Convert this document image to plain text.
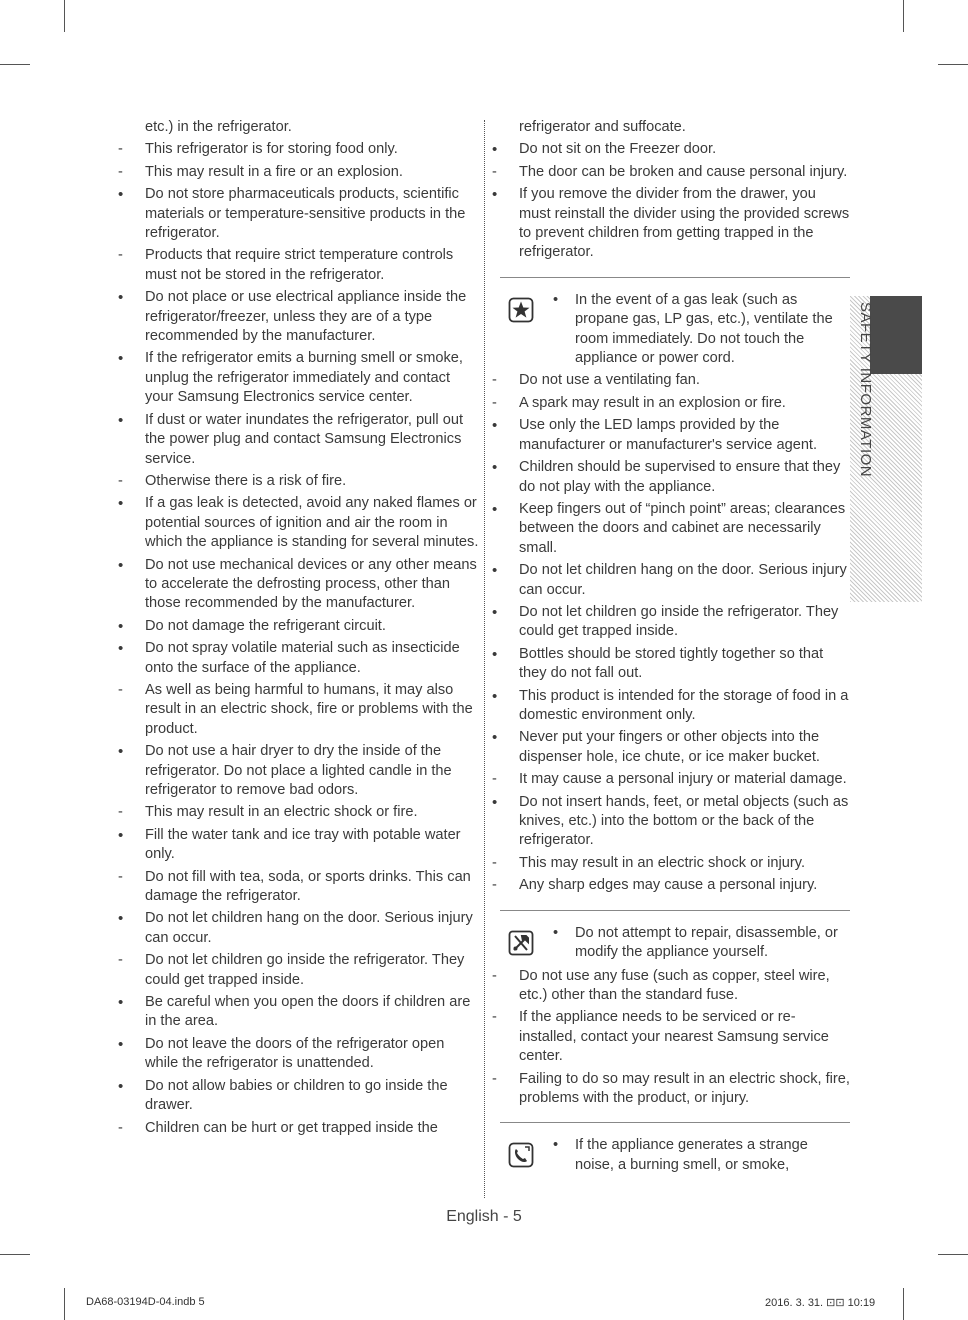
etc.) in the refrigerator.
-	This refrigerator is for storing food only.
-	This may result in a fire or an explosion.
•	Do not store pharmaceuticals products, scientific materials or temperature-sensitive products in the refrigerator.
-	Products that require strict temperature controls must not be stored in the refrigerator.
•	Do not place or use electrical appliance inside the refrigerator/freezer, unless they are of a type recommended by the manufacturer.
•	If the refrigerator emits a burning smell or smoke, unplug the refrigerator immediately and contact your Samsung Electronics service center.
•	If dust or water inundates the refrigerator, pull out the power plug and contact Samsung Electronics service.
-	Otherwise there is a risk of fire.
•	If a gas leak is detected, avoid any naked flames or potential sources of ignition and air the room in which the appliance is standing for several minutes.
•	Do not use mechanical devices or any other means to accelerate the defrosting process, other than those recommended by the manufacturer.
•	Do not damage the refrigerant circuit.
•	Do not spray volatile material such as insecticide onto the surface of the appliance.
-	As well as being harmful to humans, it may also result in an electric shock, fire or problems with the product.
•	Do not use a hair dryer to dry the inside of the refrigerator. Do not place a lighted candle in the refrigerator to remove bad odors.
-	This may result in an electric shock or fire.
•	Fill the water tank and ice tray with potable water only.
-	Do not fill with tea, soda, or sports drinks. This can damage the refrigerator.
•	Do not let children hang on the door. Serious injury can occur.
-	Do not let children go inside the refrigerator. They could get trapped inside.
•	Be careful when you open the doors if children are in the area.
•	Do not leave the doors of the refrigerator open while the refrigerator is unattended.
•	Do not allow babies or children to go inside the drawer.
-	Children can be hurt or get trapped inside the
refrigerator and suffocate.
•	Do not sit on the Freezer door.
-	The door can be broken and cause personal injury.
•	If you remove the divider from the drawer, you must reinstall the divider using the provided screws to prevent children from getting trapped in the refrigerator.
• In the event of a gas leak (such as propane gas, LP gas, etc.), ventilate the room immediately. Do not touch the appliance or power cord.
-	Do not use a ventilating fan.
-	A spark may result in an explosion or fire.
•	Use only the LED lamps provided by the manufacturer or manufacturer's service agent.
•	Children should be supervised to ensure that they do not play with the appliance.
•	Keep fingers out of “pinch point” areas; clearances between the doors and cabinet are necessarily small.
•	Do not let children hang on the door. Serious injury can occur.
•	Do not let children go inside the refrigerator. They could get trapped inside.
•	Bottles should be stored tightly together so that they do not fall out.
•	This product is intended for the storage of food in a domestic environment only.
•	Never put your fingers or other objects into the dispenser hole, ice chute, or ice maker bucket.
-	It may cause a personal injury or material damage.
•	Do not insert hands, feet, or metal objects (such as knives, etc.) into the bottom or the back of the refrigerator.
-	This may result in an electric shock or injury.
-	Any sharp edges may cause a personal injury.
• Do not attempt to repair, disassemble, or modify the appliance yourself.
-	Do not use any fuse (such as copper, steel wire, etc.) other than the standard fuse.
-	If the appliance needs to be serviced or re-installed, contact your nearest Samsung service center.
-	Failing to do so may result in an electric shock, fire, problems with the product, or injury.
• If the appliance generates a strange noise, a burning smell, or smoke,
SAFETY INFORMATION
English - 5
DA68-03194D-04.indb 5	2016. 3. 31. ⊡⊡ 10:19
